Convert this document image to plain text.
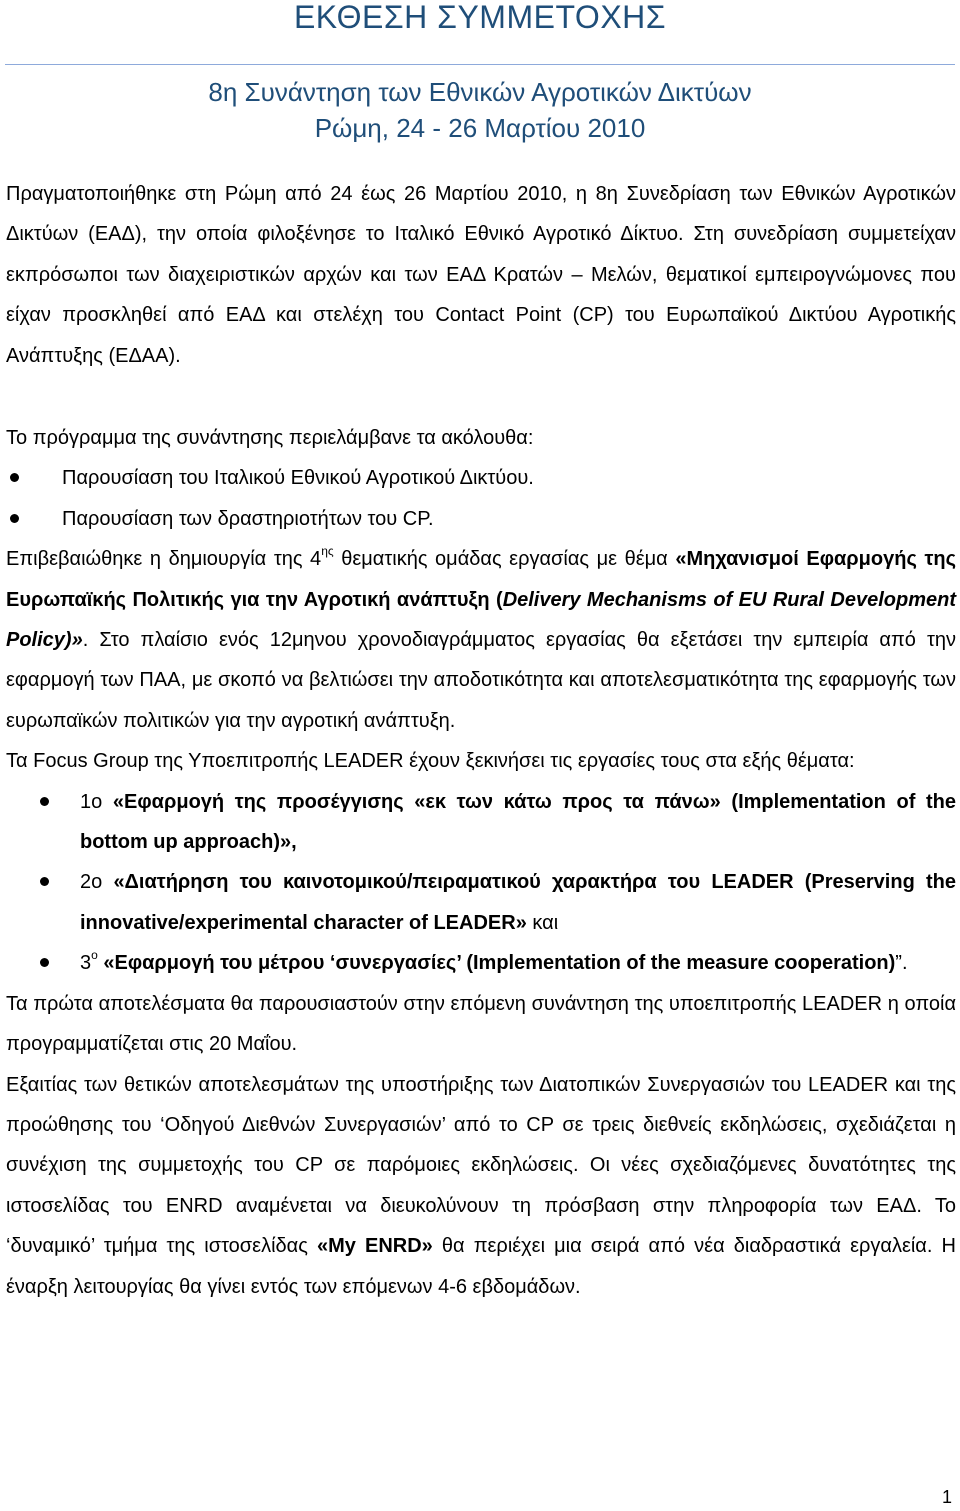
ΕΚΘΕΣΗ ΣΥΜΜΕΤΟΧΗΣ
8η Συνάντηση των Εθνικών Αγροτικών Δικτύων
Ρώμη, 24 - 26 Μαρτίου 2010

Πραγματοποιήθηκε στη Ρώμη από 24 έως 26 Μαρτίου 2010, η 8η Συνεδρίαση των Εθνικών Αγροτικών Δικτύων (ΕΑΔ), την οποία φιλοξένησε το Ιταλικό Εθνικό Αγροτικό Δίκτυο. Στη συνεδρίαση συμμετείχαν εκπρόσωποι των διαχειριστικών αρχών και των ΕΑΔ Κρατών – Μελών, θεματικοί εμπειρογνώμονες που είχαν προσκληθεί από ΕΑΔ και στελέχη του Contact Point (CP) του Ευρωπαϊκού Δικτύου Αγροτικής Ανάπτυξης (ΕΔΑΑ).

Το πρόγραμμα της συνάντησης περιελάμβανε τα ακόλουθα:

Παρουσίαση του Ιταλικού Εθνικού Αγροτικού Δικτύου.
Παρουσίαση των δραστηριοτήτων του CP.

Επιβεβαιώθηκε η δημιουργία της $4^{\eta\varsigma}$ θεματικής ομάδας εργασίας με θέμα «Μηχανισμοί Εφαρμογής της Ευρωπαϊκής Πολιτικής για την Αγροτική ανάπτυξη (Delivery Mechanisms of EU Rural Development Policy)». Στο πλαίσιο ενός 12μηνου χρονοδιαγράμματος εργασίας θα εξετάσει την εμπειρία από την εφαρμογή των ΠΑΑ, με σκοπό να βελτιώσει την αποδοτικότητα και αποτελεσματικότητα της εφαρμογής των ευρωπαϊκών πολιτικών για την αγροτική ανάπτυξη.

Τα Focus Group της Υποεπιτροπής LEADER έχουν ξεκινήσει τις εργασίες τους στα εξής θέματα:

1ο «Εφαρμογή της προσέγγισης «εκ των κάτω προς τα πάνω» (Implementation of the bottom up approach)»,
2ο «Διατήρηση του καινοτομικού/πειραματικού χαρακτήρα του LEADER (Preserving the innovative/experimental character of LEADER» και
$3^o$ «Εφαρμογή του μέτρου ‘συνεργασίες’ (Implementation of the measure cooperation)”.

Τα πρώτα αποτελέσματα θα παρουσιαστούν στην επόμενη συνάντηση της υποεπιτροπής LEADER η οποία προγραμματίζεται στις 20 Μαΐου.

Εξαιτίας των θετικών αποτελεσμάτων της υποστήριξης των Διατοπικών Συνεργασιών του LEADER και της προώθησης του ‘Οδηγού Διεθνών Συνεργασιών’ από το CP σε τρεις διεθνείς εκδηλώσεις, σχεδιάζεται η συνέχιση της συμμετοχής του CP σε παρόμοιες εκδηλώσεις. Οι νέες σχεδιαζόμενες δυνατότητες της ιστοσελίδας του ENRD αναμένεται να διευκολύνουν τη πρόσβαση στην πληροφορία των ΕΑΔ. Το ‘δυναμικό’ τμήμα της ιστοσελίδας «My ENRD» θα περιέχει μια σειρά από νέα διαδραστικά εργαλεία. Η έναρξη λειτουργίας θα γίνει εντός των επόμενων 4-6 εβδομάδων.

1
